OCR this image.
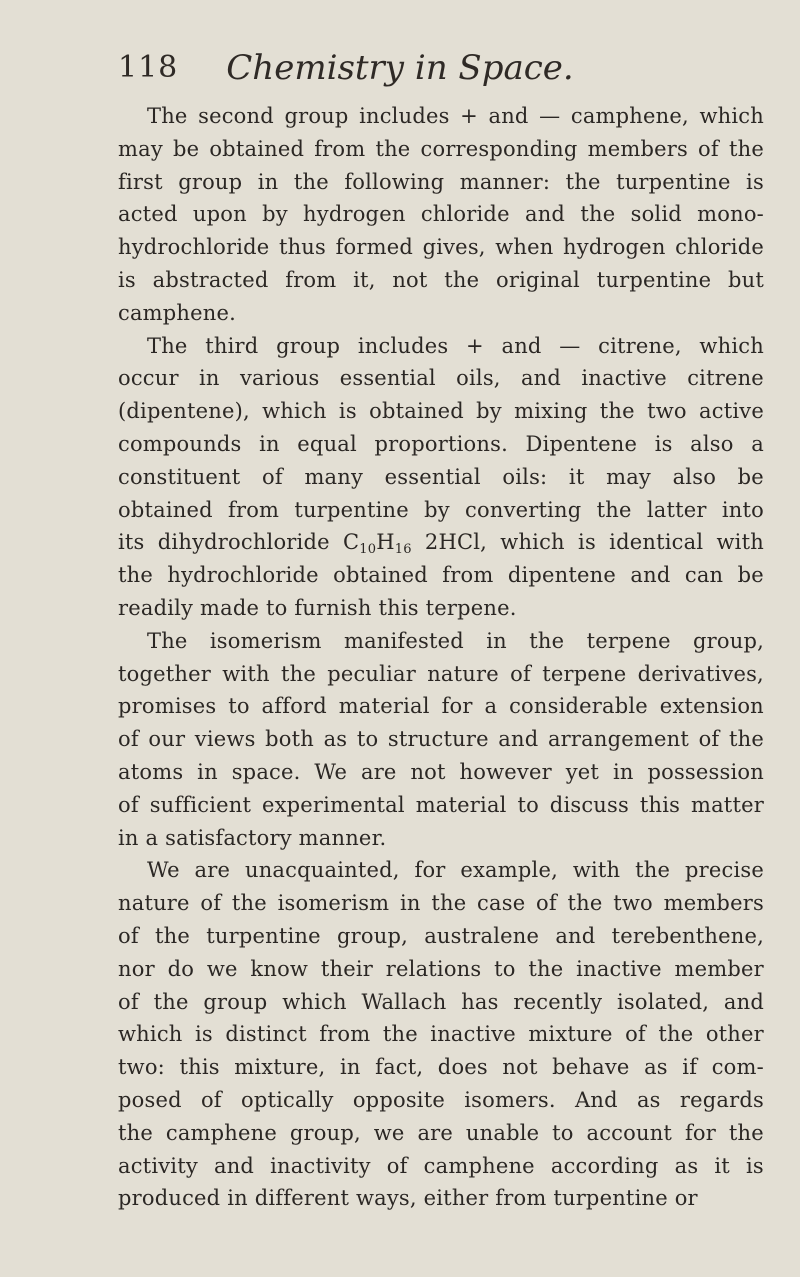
118	Chemistry in Space.
The second group includes + and — camphene, which
may be obtained from the corresponding members of the
first group in the following manner: the turpentine is
acted upon by hydrogen chloride and the solid mono-
hydrochloride thus formed gives, when hydrogen chloride
is abstracted from it, not the original turpentine but
camphene.
The third group includes + and — citrene, which
occur in various essential oils, and inactive citrene
(dipentene), which is obtained by mixing the two active
compounds in equal proportions. Dipentene is also a
constituent of many essential oils: it may also be
obtained from turpentine by converting the latter into
its dihydrochloride $C_{10}H_{16}$ 2HCl, which is identical with
the hydrochloride obtained from dipentene and can be
readily made to furnish this terpene.
The isomerism manifested in the terpene group,
together with the peculiar nature of terpene derivatives,
promises to afford material for a considerable extension
of our views both as to structure and arrangement of the
atoms in space. We are not however yet in possession
of sufficient experimental material to discuss this matter
in a satisfactory manner.
We are unacquainted, for example, with the precise
nature of the isomerism in the case of the two members
of the turpentine group, australene and terebenthene,
nor do we know their relations to the inactive member
of the group which Wallach has recently isolated, and
which is distinct from the inactive mixture of the other
two: this mixture, in fact, does not behave as if com-
posed of optically opposite isomers. And as regards
the camphene group, we are unable to account for the
activity and inactivity of camphene according as it is
produced in different ways, either from turpentine or
